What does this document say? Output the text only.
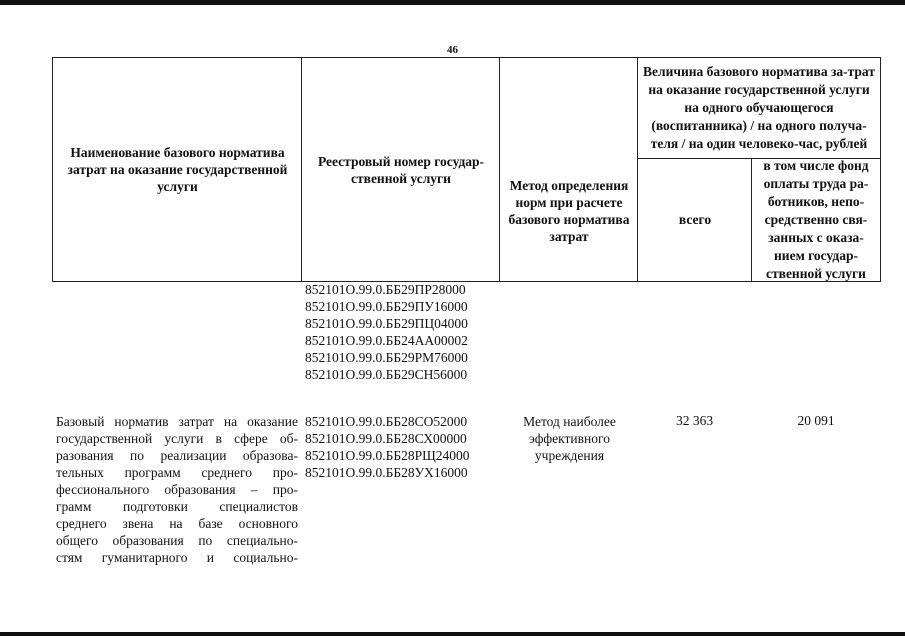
46
Наименование базового норматива затрат на оказание государственной услуги
Реестровый номер государ-ственной услуги	Метод определения норм при расчете базового норматива затрат
Величина базового норматива за-трат на оказание государственной услуги на одного обучающегося (воспитанника) / на одного получа-теля / на один человеко-час, рублей
всего
в том числе фонд оплаты труда ра-ботников, непо-средственно свя-занных с оказа-нием государ-ственной услуги
852101О.99.0.ББ29ПР28000
852101О.99.0.ББ29ПУ16000
852101О.99.0.ББ29ПЦ04000
852101О.99.0.ББ24АА00002
852101О.99.0.ББ29РМ76000
852101О.99.0.ББ29СН56000
Базовый норматив затрат на оказание
государственной услуги в сфере об-
разования по реализации образова-
тельных программ среднего про-
фессионального образования – про-
грамм подготовки специалистов
среднего звена на базе основного
общего образования по специально-
стям гуманитарного и социально-
852101О.99.0.ББ28СО52000
852101О.99.0.ББ28СХ00000
852101О.99.0.ББ28РЩ24000
852101О.99.0.ББ28УХ16000
Метод наиболее эффективного учреждения
32 363	20 091
